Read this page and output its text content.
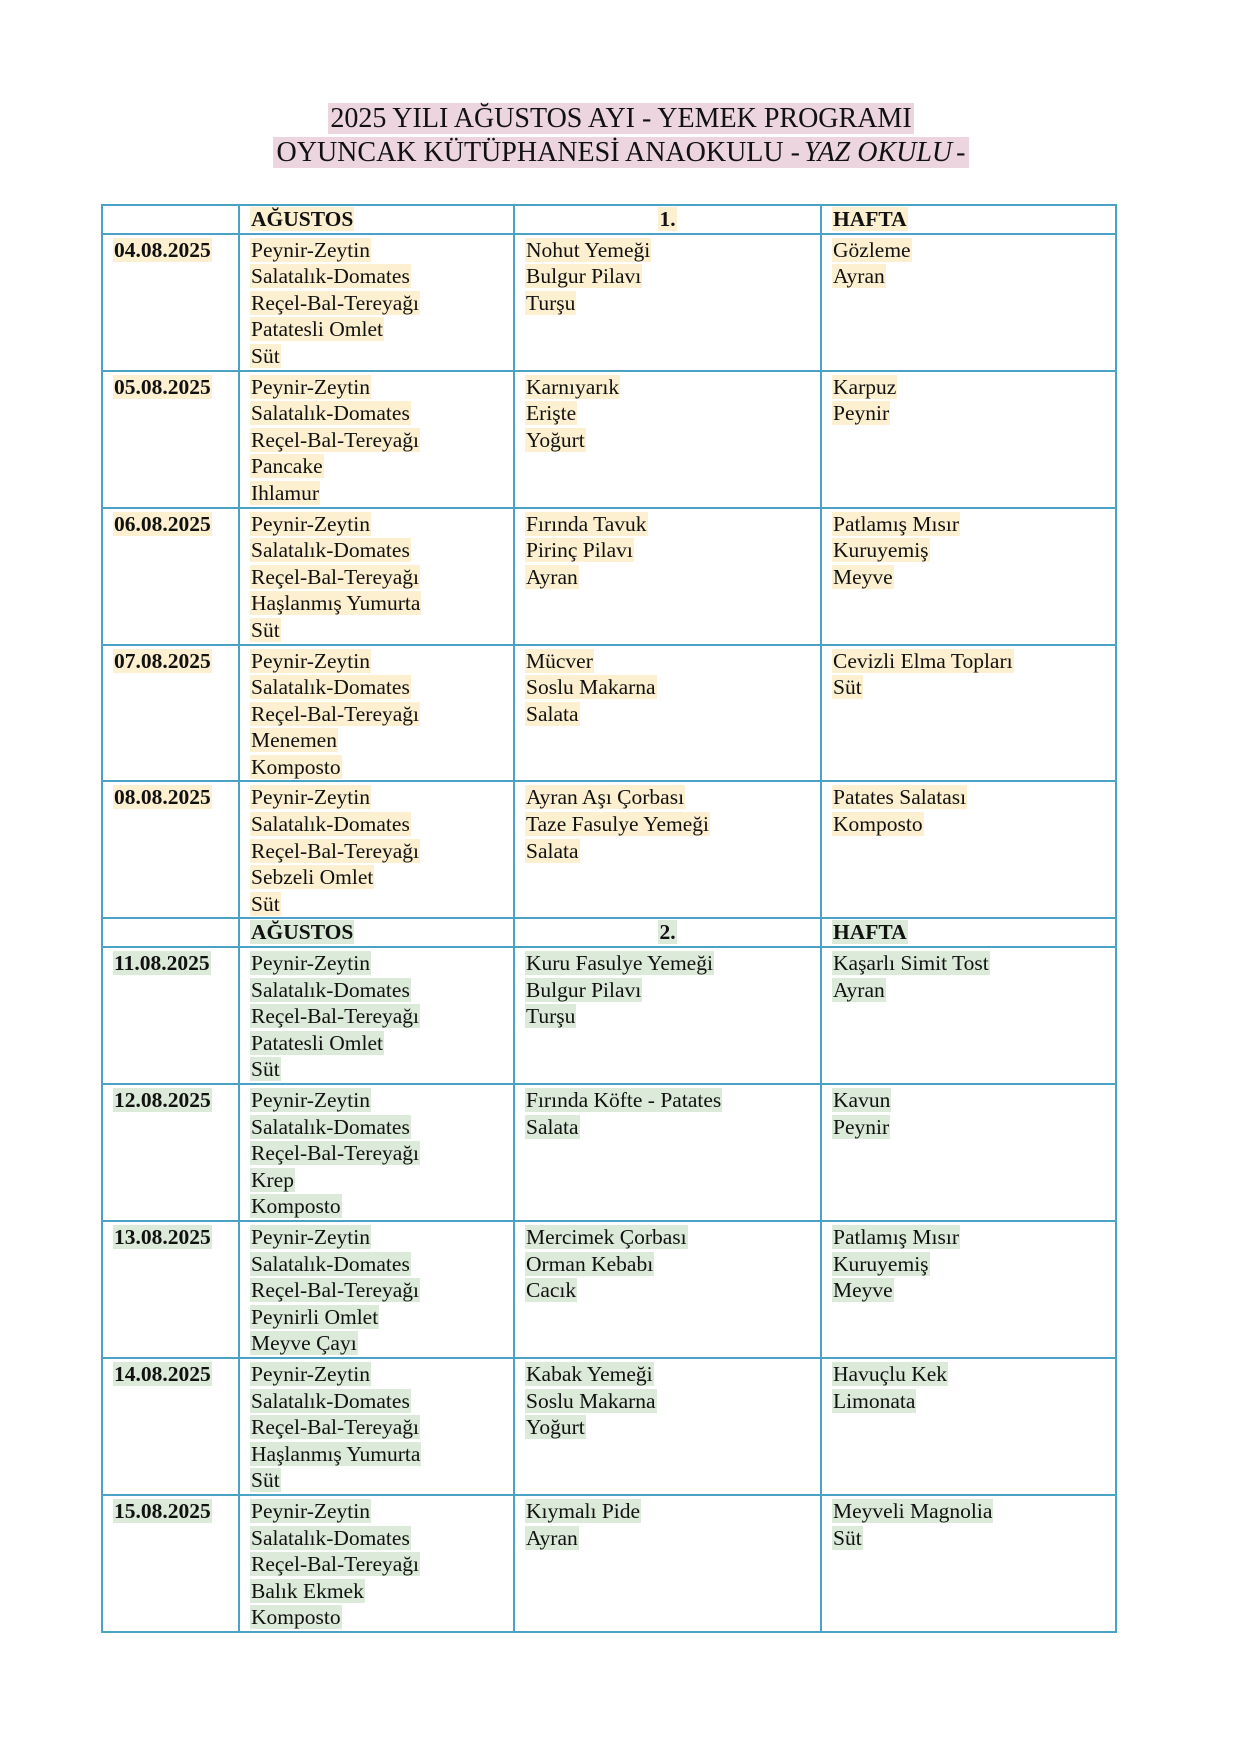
2025 YILI AĞUSTOS AYI - YEMEK PROGRAMI
OYUNCAK KÜTÜPHANESİ ANAOKULU - YAZ OKULU -
	AĞUSTOS	1.	HAFTA
04.08.2025	Peynir-Zeytin
Salatalık-Domates
Reçel-Bal-Tereyağı
Patatesli Omlet
Süt	Nohut Yemeği
Bulgur Pilavı
Turşu	Gözleme
Ayran

05.08.2025	Peynir-Zeytin
Salatalık-Domates
Reçel-Bal-Tereyağı
Pancake
Ihlamur	Karnıyarık
Erişte
Yoğurt	Karpuz
Peynir

06.08.2025	Peynir-Zeytin
Salatalık-Domates
Reçel-Bal-Tereyağı
Haşlanmış Yumurta
Süt	Fırında Tavuk
Pirinç Pilavı
Ayran	Patlamış Mısır
Kuruyemiş
Meyve

07.08.2025	Peynir-Zeytin
Salatalık-Domates
Reçel-Bal-Tereyağı
Menemen
Komposto	Mücver
Soslu Makarna
Salata	Cevizli Elma Topları
Süt

08.08.2025	Peynir-Zeytin
Salatalık-Domates
Reçel-Bal-Tereyağı
Sebzeli Omlet
Süt	Ayran Aşı Çorbası
Taze Fasulye Yemeği
Salata	Patates Salatası
Komposto

	AĞUSTOS	2.	HAFTA
11.08.2025	Peynir-Zeytin
Salatalık-Domates
Reçel-Bal-Tereyağı
Patatesli Omlet
Süt	Kuru Fasulye Yemeği
Bulgur Pilavı
Turşu	Kaşarlı Simit Tost
Ayran

12.08.2025	Peynir-Zeytin
Salatalık-Domates
Reçel-Bal-Tereyağı
Krep
Komposto	Fırında Köfte - Patates
Salata	Kavun
Peynir

13.08.2025	Peynir-Zeytin
Salatalık-Domates
Reçel-Bal-Tereyağı
Peynirli Omlet
Meyve Çayı	Mercimek Çorbası
Orman Kebabı
Cacık	Patlamış Mısır
Kuruyemiş
Meyve

14.08.2025	Peynir-Zeytin
Salatalık-Domates
Reçel-Bal-Tereyağı
Haşlanmış Yumurta
Süt	Kabak Yemeği
Soslu Makarna
Yoğurt	Havuçlu Kek
Limonata

15.08.2025	Peynir-Zeytin
Salatalık-Domates
Reçel-Bal-Tereyağı
Balık Ekmek
Komposto	Kıymalı Pide
Ayran	Meyveli Magnolia
Süt
